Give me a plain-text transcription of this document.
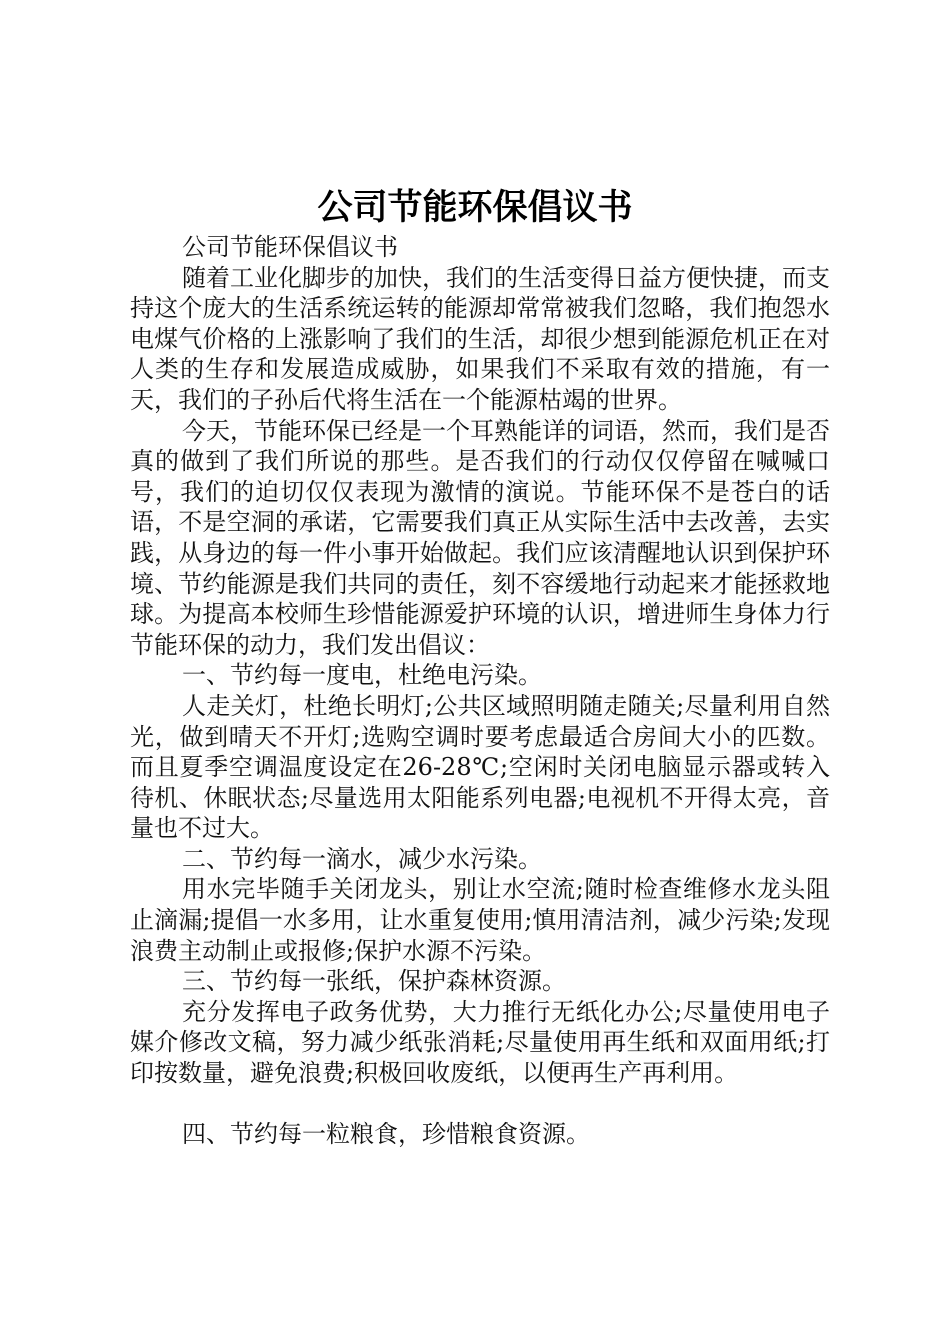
公司节能环保倡议书

公司节能环保倡议书

随着工业化脚步的加快，我们的生活变得日益方便快捷，而支持这个庞大的生活系统运转的能源却常常被我们忽略，我们抱怨水电煤气价格的上涨影响了我们的生活，却很少想到能源危机正在对人类的生存和发展造成威胁，如果我们不采取有效的措施，有一天，我们的子孙后代将生活在一个能源枯竭的世界。

今天，节能环保已经是一个耳熟能详的词语，然而，我们是否真的做到了我们所说的那些。是否我们的行动仅仅停留在喊喊口号，我们的迫切仅仅表现为激情的演说。节能环保不是苍白的话语，不是空洞的承诺，它需要我们真正从实际生活中去改善，去实践，从身边的每一件小事开始做起。我们应该清醒地认识到保护环境、节约能源是我们共同的责任，刻不容缓地行动起来才能拯救地球。为提高本校师生珍惜能源爱护环境的认识，增进师生身体力行节能环保的动力，我们发出倡议：

一、节约每一度电，杜绝电污染。

人走关灯，杜绝长明灯;公共区域照明随走随关;尽量利用自然光，做到晴天不开灯;选购空调时要考虑最适合房间大小的匹数。而且夏季空调温度设定在26-28℃;空闲时关闭电脑显示器或转入待机、休眠状态;尽量选用太阳能系列电器;电视机不开得太亮，音量也不过大。

二、节约每一滴水，减少水污染。

用水完毕随手关闭龙头，别让水空流;随时检查维修水龙头阻止滴漏;提倡一水多用，让水重复使用;慎用清洁剂，减少污染;发现浪费主动制止或报修;保护水源不污染。

三、节约每一张纸，保护森林资源。

充分发挥电子政务优势，大力推行无纸化办公;尽量使用电子媒介修改文稿，努力减少纸张消耗;尽量使用再生纸和双面用纸;打印按数量，避免浪费;积极回收废纸，以便再生产再利用。

四、节约每一粒粮食，珍惜粮食资源。
